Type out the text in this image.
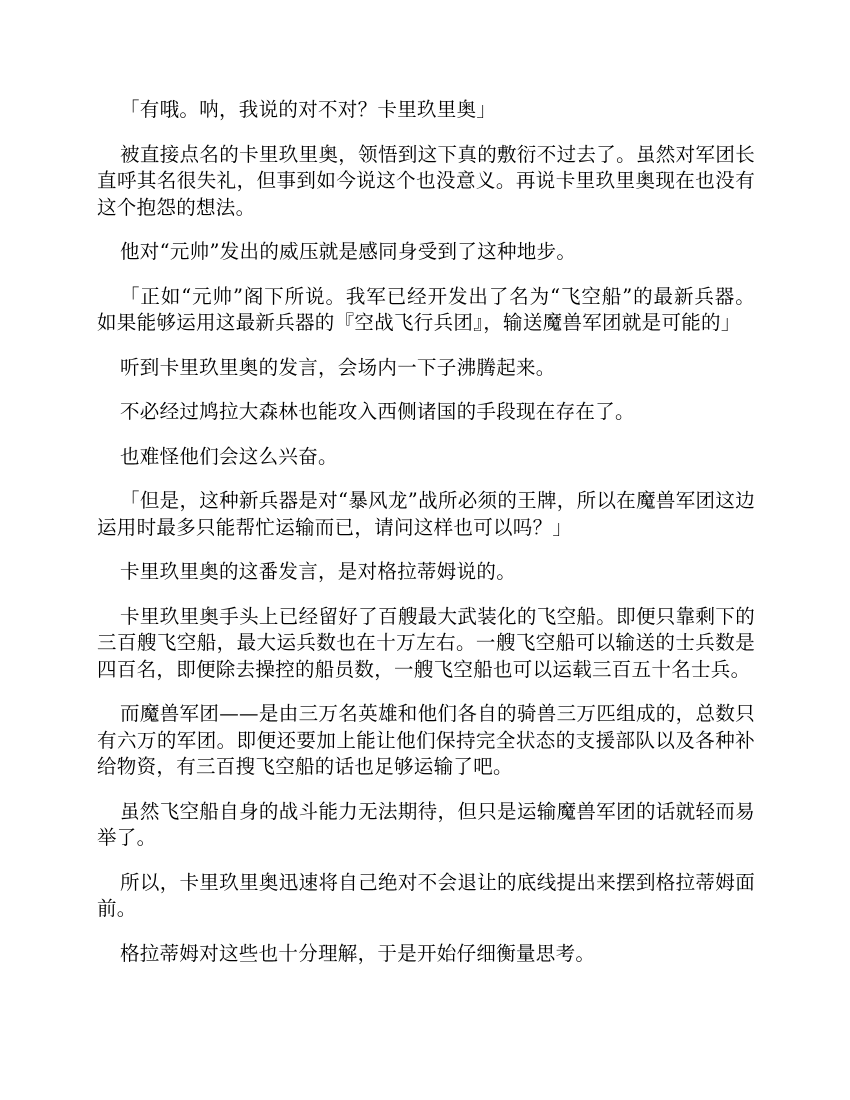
「有哦。呐，我说的对不对？卡里玖里奥」

被直接点名的卡里玖里奥，领悟到这下真的敷衍不过去了。虽然对军团长直呼其名很失礼，但事到如今说这个也没意义。再说卡里玖里奥现在也没有这个抱怨的想法。

他对“元帅”发出的威压就是感同身受到了这种地步。

「正如“元帅”阁下所说。我军已经开发出了名为“飞空船”的最新兵器。如果能够运用这最新兵器的『空战飞行兵团』，输送魔兽军团就是可能的」

听到卡里玖里奥的发言，会场内一下子沸腾起来。

不必经过鸠拉大森林也能攻入西侧诸国的手段现在存在了。

也难怪他们会这么兴奋。

「但是，这种新兵器是对“暴风龙”战所必须的王牌，所以在魔兽军团这边运用时最多只能帮忙运输而已，请问这样也可以吗？」

卡里玖里奥的这番发言，是对格拉蒂姆说的。

卡里玖里奥手头上已经留好了百艘最大武装化的飞空船。即便只靠剩下的三百艘飞空船，最大运兵数也在十万左右。一艘飞空船可以输送的士兵数是四百名，即便除去操控的船员数，一艘飞空船也可以运载三百五十名士兵。

而魔兽军团——是由三万名英雄和他们各自的骑兽三万匹组成的，总数只有六万的军团。即便还要加上能让他们保持完全状态的支援部队以及各种补给物资，有三百搜飞空船的话也足够运输了吧。

虽然飞空船自身的战斗能力无法期待，但只是运输魔兽军团的话就轻而易举了。

所以，卡里玖里奥迅速将自己绝对不会退让的底线提出来摆到格拉蒂姆面前。

格拉蒂姆对这些也十分理解，于是开始仔细衡量思考。
